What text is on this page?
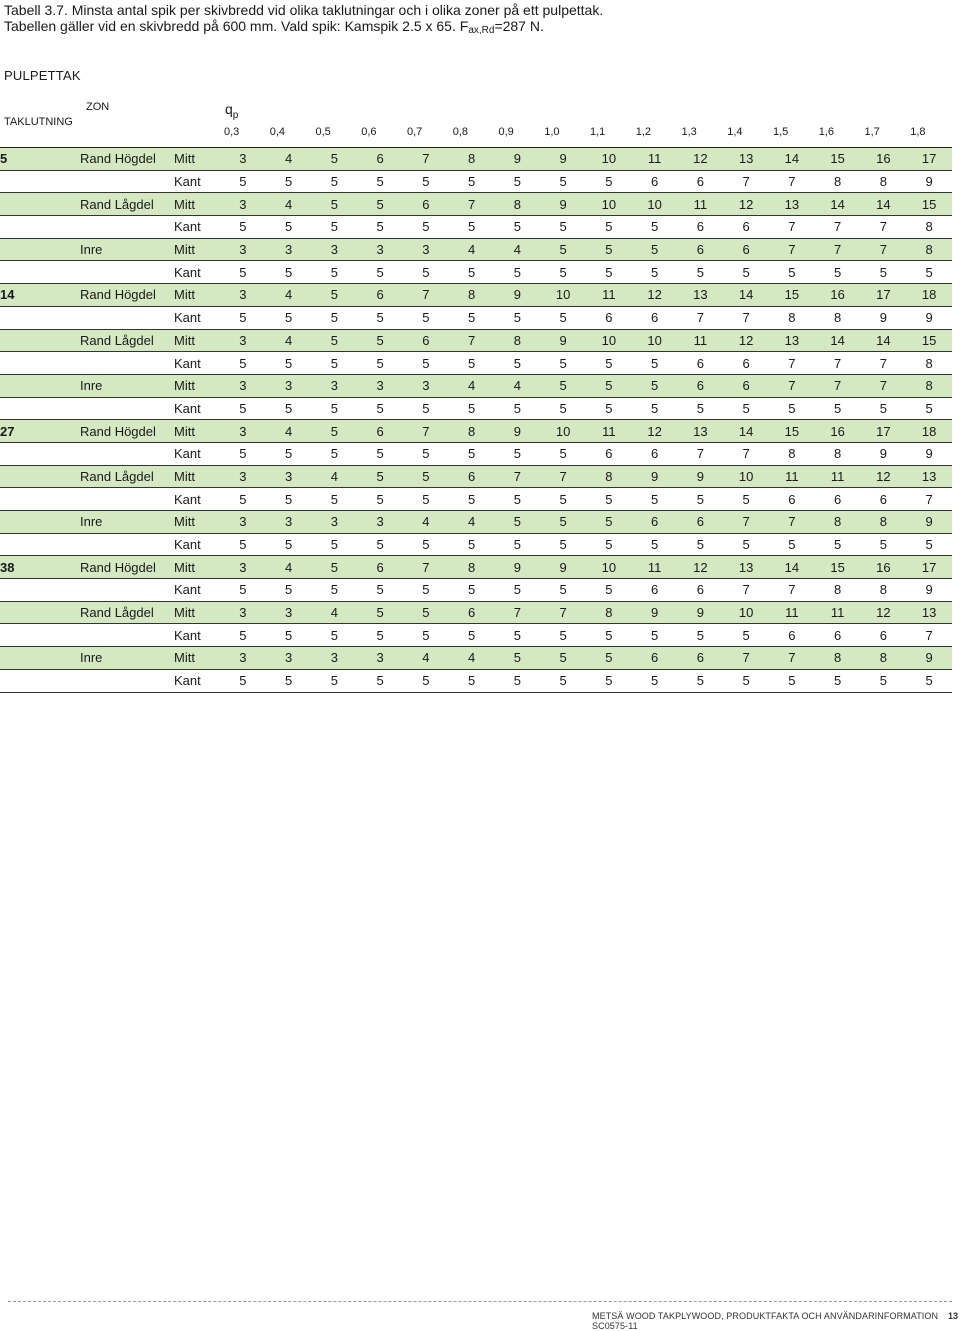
Tabell 3.7. Minsta antal spik per skivbredd vid olika taklutningar och i olika zoner på ett pulpettak.
Tabellen gäller vid en skivbredd på 600 mm. Vald spik: Kamspik 2.5 x 65. $F_{ax,Rd}=287$ N.
PULPETTAK
TAKLUTNING
ZON	$q_p$
0,3	0,4	0,5	0,6	0,7	0,8	0,9	1,0	1,1	1,2	1,3	1,4	1,5	1,6	1,7	1,8
5	Rand Högdel	Mitt	3	4	5	6	7	8	9	9	10	11	12	13	14	15	16	17
		Kant	5	5	5	5	5	5	5	5	5	6	6	7	7	8	8	9
	Rand Lågdel	Mitt	3	4	5	5	6	7	8	9	10	10	11	12	13	14	14	15
		Kant	5	5	5	5	5	5	5	5	5	5	6	6	7	7	7	8
	Inre	Mitt	3	3	3	3	3	4	4	5	5	5	6	6	7	7	7	8
		Kant	5	5	5	5	5	5	5	5	5	5	5	5	5	5	5	5
14	Rand Högdel	Mitt	3	4	5	6	7	8	9	10	11	12	13	14	15	16	17	18
		Kant	5	5	5	5	5	5	5	5	6	6	7	7	8	8	9	9
	Rand Lågdel	Mitt	3	4	5	5	6	7	8	9	10	10	11	12	13	14	14	15
		Kant	5	5	5	5	5	5	5	5	5	5	6	6	7	7	7	8
	Inre	Mitt	3	3	3	3	3	4	4	5	5	5	6	6	7	7	7	8
		Kant	5	5	5	5	5	5	5	5	5	5	5	5	5	5	5	5
27	Rand Högdel	Mitt	3	4	5	6	7	8	9	10	11	12	13	14	15	16	17	18
		Kant	5	5	5	5	5	5	5	5	6	6	7	7	8	8	9	9
	Rand Lågdel	Mitt	3	3	4	5	5	6	7	7	8	9	9	10	11	11	12	13
		Kant	5	5	5	5	5	5	5	5	5	5	5	5	6	6	6	7
	Inre	Mitt	3	3	3	3	4	4	5	5	5	6	6	7	7	8	8	9
		Kant	5	5	5	5	5	5	5	5	5	5	5	5	5	5	5	5
38	Rand Högdel	Mitt	3	4	5	6	7	8	9	9	10	11	12	13	14	15	16	17
		Kant	5	5	5	5	5	5	5	5	5	6	6	7	7	8	8	9
	Rand Lågdel	Mitt	3	3	4	5	5	6	7	7	8	9	9	10	11	11	12	13
		Kant	5	5	5	5	5	5	5	5	5	5	5	5	6	6	6	7
	Inre	Mitt	3	3	3	3	4	4	5	5	5	6	6	7	7	8	8	9
		Kant	5	5	5	5	5	5	5	5	5	5	5	5	5	5	5	5
METSÄ WOOD TAKPLYWOOD, PRODUKTFAKTA OCH ANVÄNDARINFORMATION SC0575-11
13
